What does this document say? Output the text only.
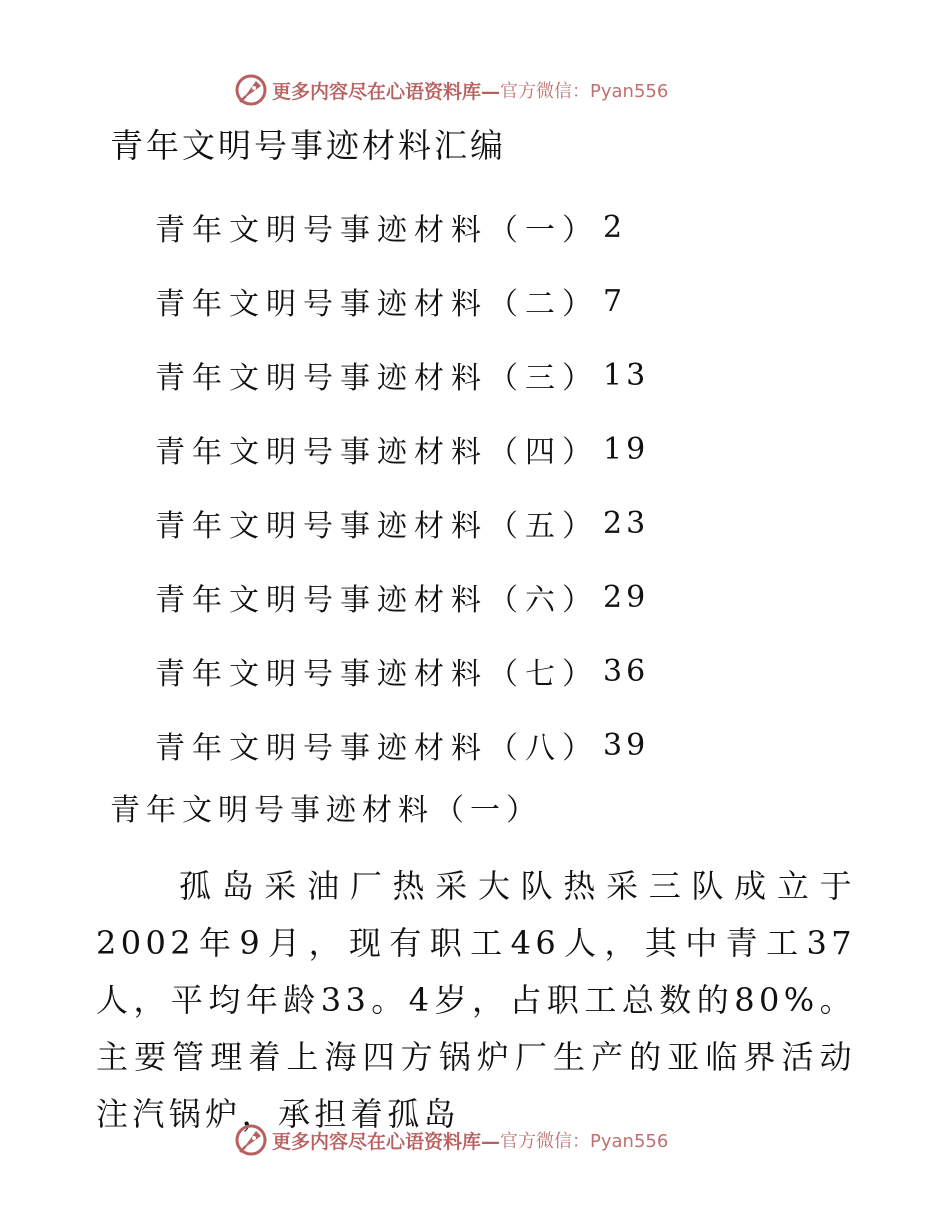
更多内容尽在心语资料库— 官方微信：Pyan556
青年文明号事迹材料汇编
青年文明号事迹材料（一） 2
青年文明号事迹材料（二） 7
青年文明号事迹材料（三） 13
青年文明号事迹材料（四） 19
青年文明号事迹材料（五） 23
青年文明号事迹材料（六） 29
青年文明号事迹材料（七） 36
青年文明号事迹材料（八） 39
青年文明号事迹材料（一）

孤岛采油厂热采大队热采三队成立于2002年9月，现有职工46人，其中青工37人，平均年龄33。4岁，占职工总数的80%。主要管理着上海四方锅炉厂生产的亚临界活动注汽锅炉，承担着孤岛

更多内容尽在心语资料库— 官方微信：Pyan556
